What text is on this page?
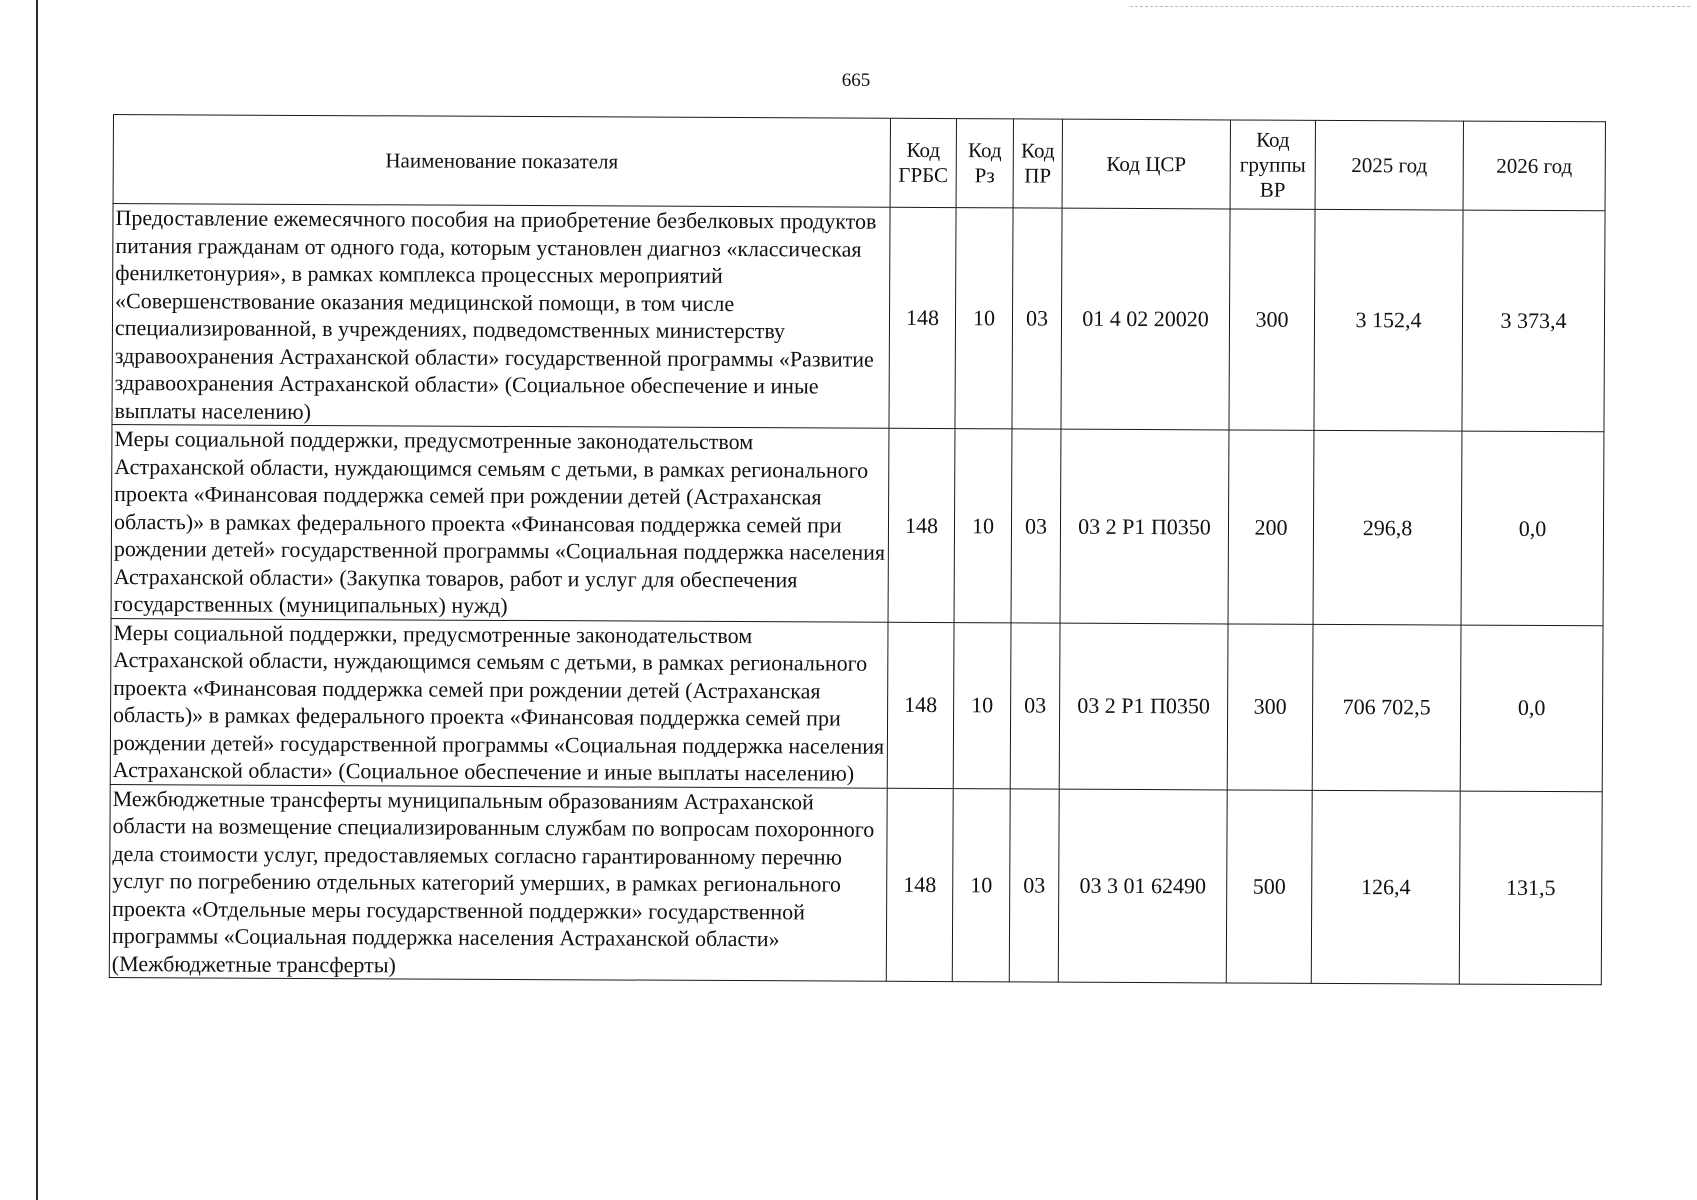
665
Наименование показателя	Код ГРБС	Код Рз	Код ПР	Код ЦСР	Код группы ВР	2025 год	2026 год
Предоставление ежемесячного пособия на приобретение безбелковых продуктов питания гражданам от одного года, которым установлен диагноз «классическая фенилкетонурия», в рамках комплекса процессных мероприятий «Совершенствование оказания медицинской помощи, в том числе специализированной, в учреждениях, подведомственных министерству здравоохранения Астраханской области» государственной программы «Развитие здравоохранения Астраханской области» (Социальное обеспечение и иные выплаты населению)	148	10	03	01 4 02 20020	300	3 152,4	3 373,4
Меры социальной поддержки, предусмотренные законодательством Астраханской области, нуждающимся семьям с детьми, в рамках регионального проекта «Финансовая поддержка семей при рождении детей (Астраханская область)» в рамках федерального проекта «Финансовая поддержка семей при рождении детей» государственной программы «Социальная поддержка населения Астраханской области» (Закупка товаров, работ и услуг для обеспечения государственных (муниципальных) нужд)	148	10	03	03 2 Р1 П0350	200	296,8	0,0
Меры социальной поддержки, предусмотренные законодательством Астраханской области, нуждающимся семьям с детьми, в рамках регионального проекта «Финансовая поддержка семей при рождении детей (Астраханская область)» в рамках федерального проекта «Финансовая поддержка семей при рождении детей» государственной программы «Социальная поддержка населения Астраханской области» (Социальное обеспечение и иные выплаты населению)	148	10	03	03 2 Р1 П0350	300	706 702,5	0,0
Межбюджетные трансферты муниципальным образованиям Астраханской области на возмещение специализированным службам по вопросам похоронного дела стоимости услуг, предоставляемых согласно гарантированному перечню услуг по погребению отдельных категорий умерших, в рамках регионального проекта «Отдельные меры государственной поддержки» государственной программы «Социальная поддержка населения Астраханской области» (Межбюджетные трансферты)	148	10	03	03 3 01 62490	500	126,4	131,5
